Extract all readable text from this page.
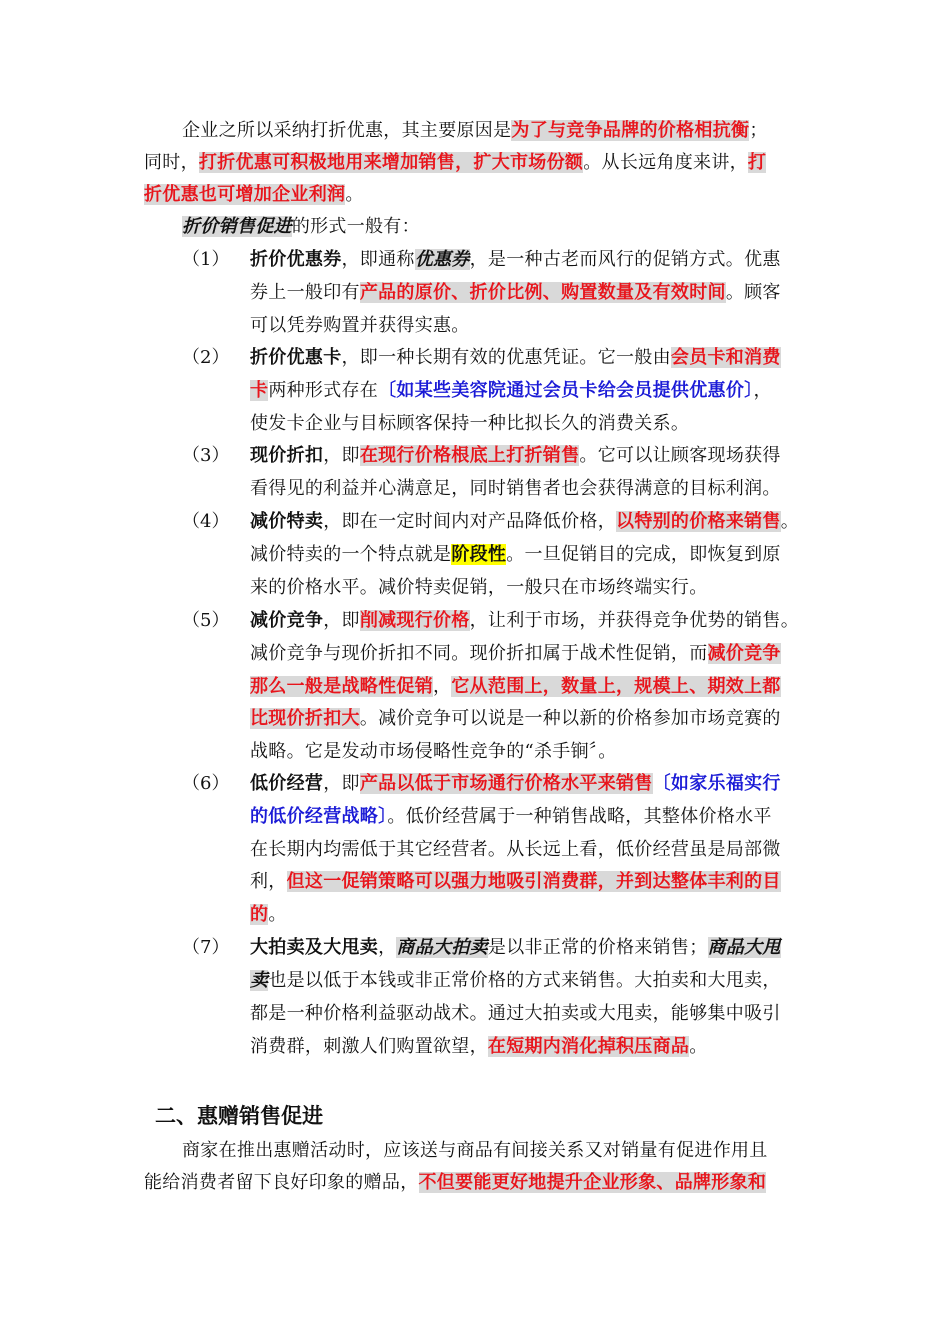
企业之所以采纳打折优惠，其主要原因是为了与竞争品牌的价格相抗衡；
同时，打折优惠可积极地用来增加销售，扩大市场份额。从长远角度来讲，打
折优惠也可增加企业利润。
折价销售促进的形式一般有：
（1） 折价优惠券，即通称优惠券，是一种古老而风行的促销方式。优惠
券上一般印有产品的原价、折价比例、购置数量及有效时间。顾客
可以凭券购置并获得实惠。
（2） 折价优惠卡，即一种长期有效的优惠凭证。它一般由会员卡和消费
卡两种形式存在〔如某些美容院通过会员卡给会员提供优惠价〕，
使发卡企业与目标顾客保持一种比拟长久的消费关系。
（3） 现价折扣，即在现行价格根底上打折销售。它可以让顾客现场获得
看得见的利益并心满意足，同时销售者也会获得满意的目标利润。
（4） 减价特卖，即在一定时间内对产品降低价格，以特别的价格来销售。
减价特卖的一个特点就是阶段性。一旦促销目的完成，即恢复到原
来的价格水平。减价特卖促销，一般只在市场终端实行。
（5） 减价竞争，即削减现行价格，让利于市场，并获得竞争优势的销售。
减价竞争与现价折扣不同。现价折扣属于战术性促销，而减价竞争
那么一般是战略性促销，它从范围上，数量上，规模上、期效上都
比现价折扣大。减价竞争可以说是一种以新的价格参加市场竞赛的
战略。它是发动市场侵略性竞争的“杀手锏〞。
（6） 低价经营，即产品以低于市场通行价格水平来销售〔如家乐福实行
的低价经营战略〕。低价经营属于一种销售战略，其整体价格水平
在长期内均需低于其它经营者。从长远上看，低价经营虽是局部微
利，但这一促销策略可以强力地吸引消费群，并到达整体丰利的目
的。
（7） 大拍卖及大甩卖，商品大拍卖是以非正常的价格来销售；商品大甩
卖也是以低于本钱或非正常价格的方式来销售。大拍卖和大甩卖，
都是一种价格利益驱动战术。通过大拍卖或大甩卖，能够集中吸引
消费群，刺激人们购置欲望，在短期内消化掉积压商品。
二、惠赠销售促进
商家在推出惠赠活动时，应该送与商品有间接关系又对销量有促进作用且
能给消费者留下良好印象的赠品，不但要能更好地提升企业形象、品牌形象和
